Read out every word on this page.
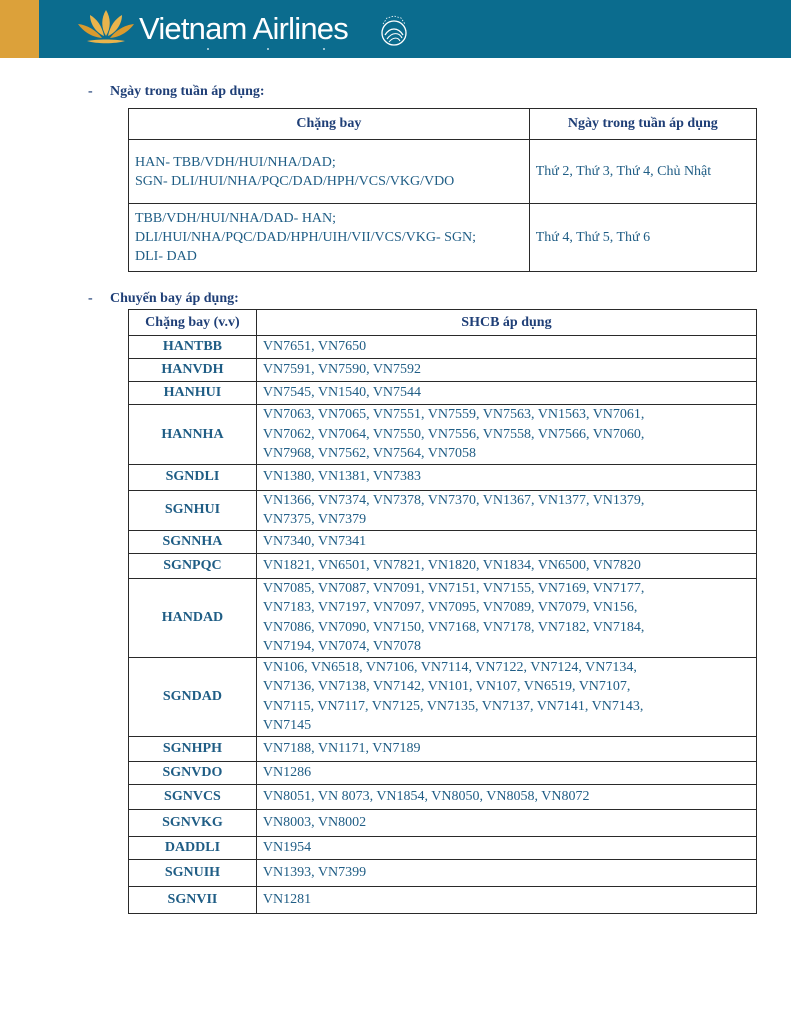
Vietnam Airlines
- Ngày trong tuần áp dụng:
Chặng bay	Ngày trong tuần áp dụng

HAN- TBB/VDH/HUI/NHA/DAD;
SGN- DLI/HUI/NHA/PQC/DAD/HPH/VCS/VKG/VDO	Thứ 2, Thứ 3, Thứ 4, Chủ Nhật

TBB/VDH/HUI/NHA/DAD- HAN;
DLI/HUI/NHA/PQC/DAD/HPH/UIH/VII/VCS/VKG- SGN;
DLI- DAD	Thứ 4, Thứ 5, Thứ 6
- Chuyến bay áp dụng:
Chặng bay (v.v)	SHCB áp dụng
HANTBB	VN7651, VN7650

HANVDH	VN7591, VN7590, VN7592

HANHUI	VN7545, VN1540, VN7544

HANNHA	VN7063, VN7065, VN7551, VN7559, VN7563, VN1563, VN7061,
VN7062, VN7064, VN7550, VN7556, VN7558, VN7566, VN7060,
VN7968, VN7562, VN7564, VN7058

SGNDLI	VN1380, VN1381, VN7383

SGNHUI	VN1366, VN7374, VN7378, VN7370, VN1367, VN1377, VN1379,
VN7375, VN7379

SGNNHA	VN7340, VN7341

SGNPQC	VN1821, VN6501, VN7821, VN1820, VN1834, VN6500, VN7820

HANDAD	VN7085, VN7087, VN7091, VN7151, VN7155, VN7169, VN7177,
VN7183, VN7197, VN7097, VN7095, VN7089, VN7079, VN156,
VN7086, VN7090, VN7150, VN7168, VN7178, VN7182, VN7184,
VN7194, VN7074, VN7078

SGNDAD	VN106, VN6518, VN7106, VN7114, VN7122, VN7124, VN7134,
VN7136, VN7138, VN7142, VN101, VN107, VN6519, VN7107,
VN7115, VN7117, VN7125, VN7135, VN7137, VN7141, VN7143,
VN7145

SGNHPH	VN7188, VN1171, VN7189

SGNVDO	VN1286

SGNVCS	VN8051, VN 8073, VN1854, VN8050, VN8058, VN8072

SGNVKG	VN8003, VN8002

DADDLI	VN1954

SGNUIH	VN1393, VN7399

SGNVII	VN1281
